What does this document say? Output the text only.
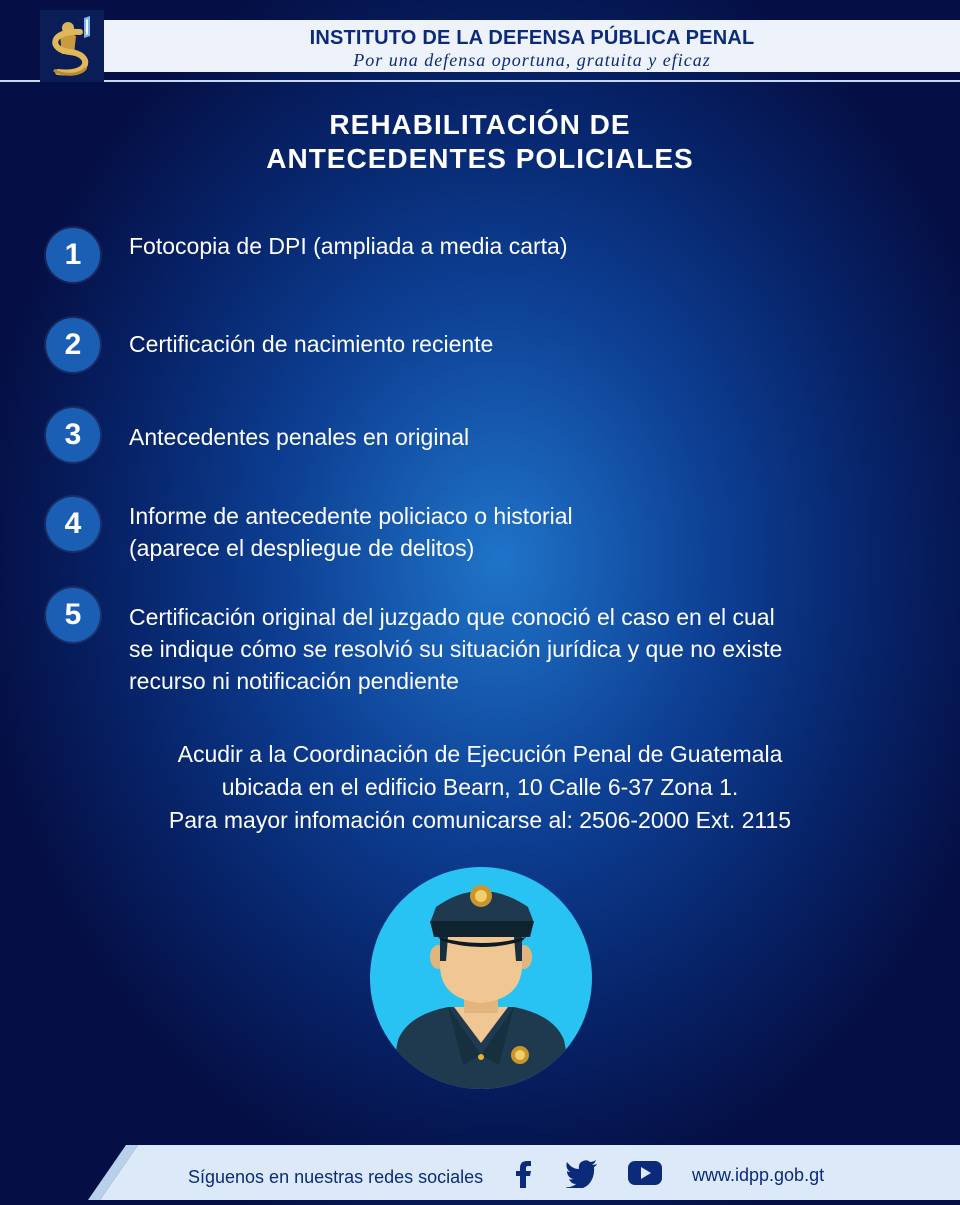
INSTITUTO DE LA DEFENSA PÚBLICA PENAL
Por una defensa oportuna, gratuita y eficaz
REHABILITACIÓN DE
ANTECEDENTES POLICIALES
1	Fotocopia de DPI (ampliada a media carta)
2	Certificación de nacimiento reciente
3	Antecedentes penales en original
4	Informe de antecedente policiaco o historial
(aparece el despliegue de delitos)
5	Certificación original del juzgado que conoció el caso en el cual
se indique cómo se resolvió su situación jurídica y que no existe
recurso ni notificación pendiente
Acudir a la Coordinación de Ejecución Penal de Guatemala
ubicada en el edificio Bearn, 10 Calle 6-37 Zona 1.
Para mayor infomación comunicarse al: 2506-2000 Ext. 2115
Síguenos en nuestras redes sociales	www.idpp.gob.gt
